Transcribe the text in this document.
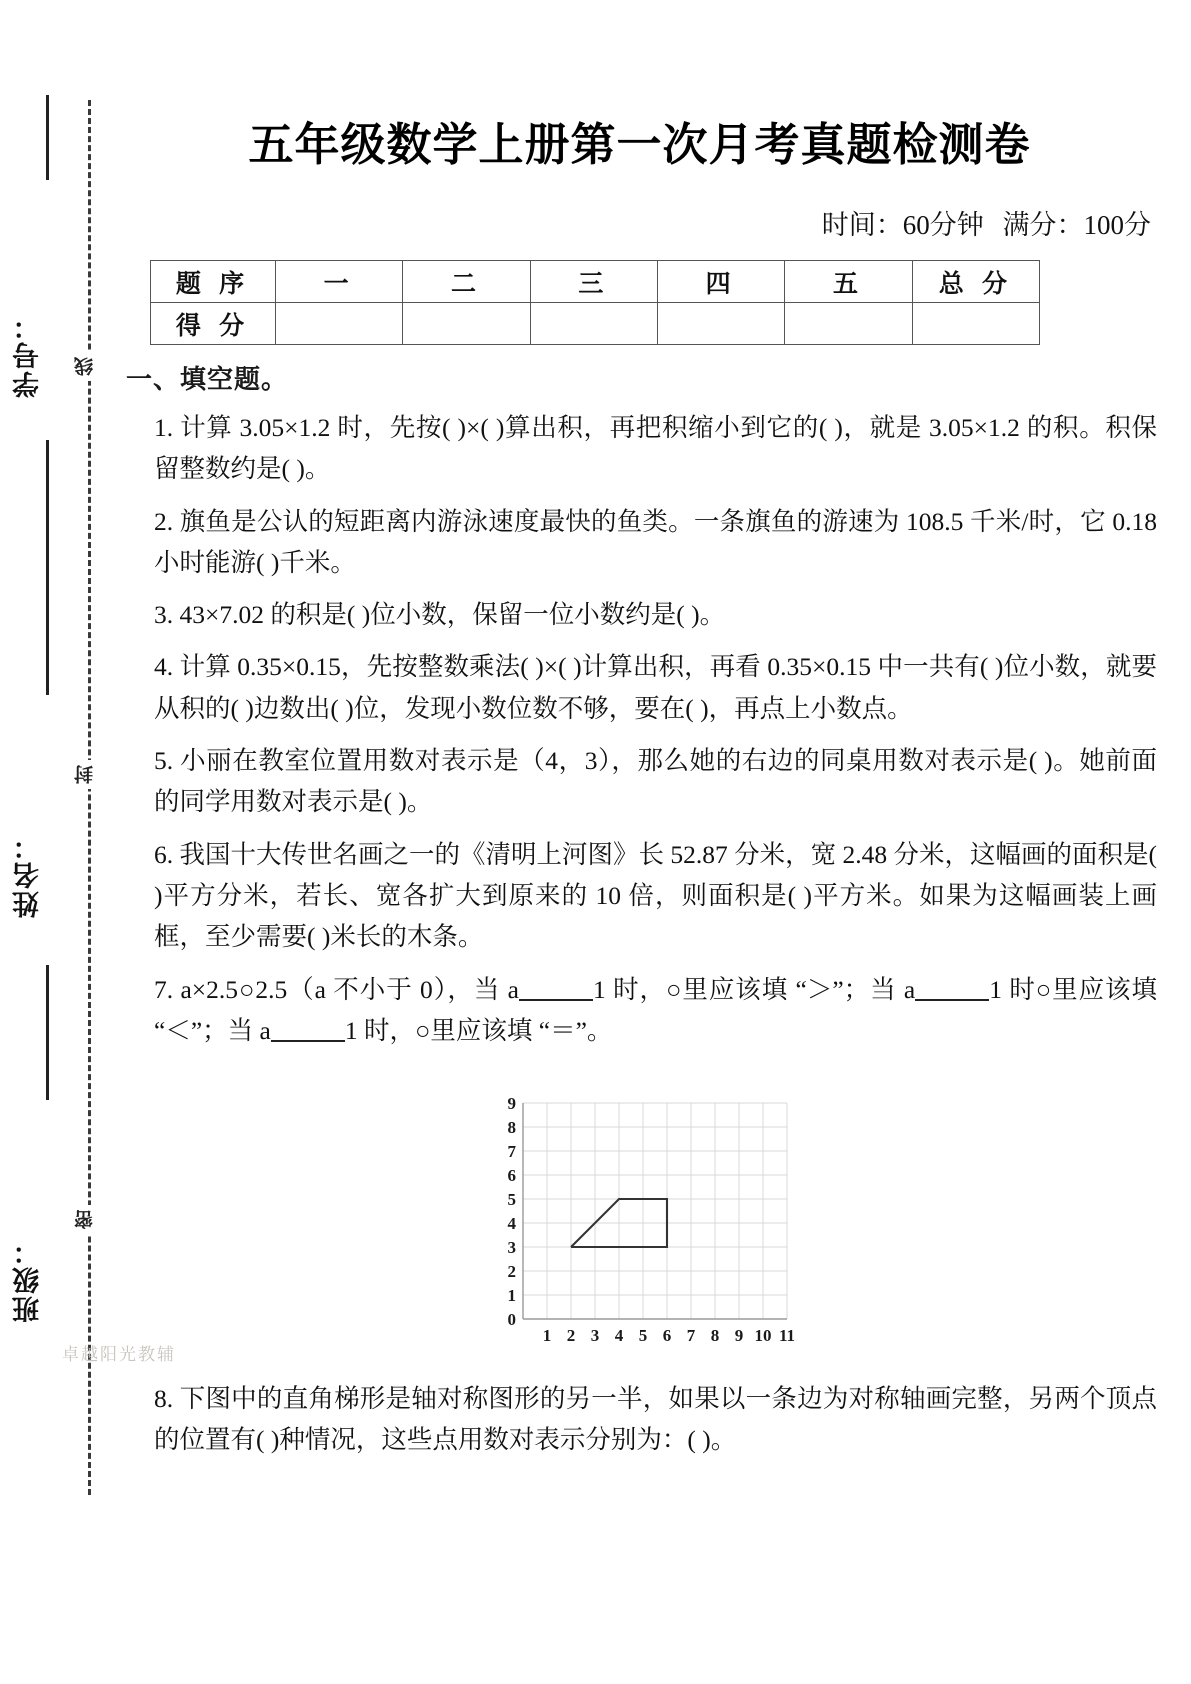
学号：
姓名：
班级：
线
封
密
五年级数学上册第一次月考真题检测卷
时间：60分钟 满分：100分
题 序	一	二	三	四	五	总 分
得 分						
一、填空题。

1. 计算 3.05×1.2 时，先按( )×( )算出积，再把积缩小到它的( )，就是 3.05×1.2 的积。积保留整数约是( )。

2. 旗鱼是公认的短距离内游泳速度最快的鱼类。一条旗鱼的游速为 108.5 千米/时，它 0.18 小时能游( )千米。

3. 43×7.02 的积是( )位小数，保留一位小数约是( )。

4. 计算 0.35×0.15，先按整数乘法( )×( )计算出积，再看 0.35×0.15 中一共有( )位小数，就要从积的( )边数出( )位，发现小数位数不够，要在( )，再点上小数点。

5. 小丽在教室位置用数对表示是（4，3），那么她的右边的同桌用数对表示是( )。她前面的同学用数对表示是( )。

6. 我国十大传世名画之一的《清明上河图》长 52.87 分米，宽 2.48 分米，这幅画的面积是( )平方分米，若长、宽各扩大到原来的 10 倍，则面积是( )平方米。如果为这幅画装上画框，至少需要( )米长的木条。

7. a×2.5○2.5（a 不小于 0），当 a	1 时，○里应该填 “＞”；当 a	1 时○里应该填 “＜”；当 a	1 时，○里应该填 “＝”。

0
1
2
3
4
5
6
7
8
9
1 2 3 4 5 6 7 8 9 10 11

8. 下图中的直角梯形是轴对称图形的另一半，如果以一条边为对称轴画完整，另两个顶点的位置有( )种情况，这些点用数对表示分别为：( )。

卓越阳光教辅
